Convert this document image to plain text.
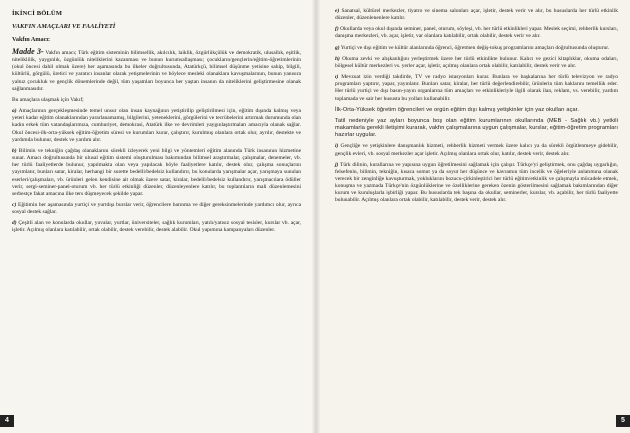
İKİNCİ BÖLÜM
VAKFIN AMAÇLARI VE FAALİYETİ
Vakfın Amacı:

Madde 3- Vakfın amacı; Türk eğitim sisteminin bilimsellik, akılcılık, laiklik, özgürlükçülük ve demokratik, ulusallık, eşitlik, niteliklilik, yaygınlık, özgünlük niteliklerini kazanması ve bunun kurumsallaşması; çocukların/gençlerin/eğitim-öğretimlerinin (okul öncesi dahil olmak üzere) her aşamasında bu ilkeler doğrultusunda, Atatürkçü, bilimsel düşünme yetisine sahip, bilgili, kültürlü, görgülü, üretici ve yaratıcı insanlar olarak yetişmelerinin ve böylece mesleki olanaklara kavuşmalarının, bunun yanısıra yalnız çocukluk ve gençlik dönemlerinde değil, tüm yaşamları boyunca her yaştan insanın da niteliklerini geliştirmesine olanak sağlanmasıdır.

Bu amaçlara ulaşmak için Vakıf;

a) Amaçlarının gerçekleşmesinde temel unsur olan insan kaynağının yetiştirilip geliştirilmesi için, eğitim dışında kalmış veya yeteri kadar eğitim olanaklarından yararlanamamış, bilgilerini, yeteneklerini, görgülerini ve tecrübelerini artırmak durumunda olan kadın erkek tüm vatandaşlarımıza, cumhuriyet, demokrasi, Atatürk ilke ve devrimleri yaygınlaştırmaları amacıyla olanak sağlar. Okul öncesi-ilk-orta-yüksek eğitim-öğretim süresi ve kurumları kurar, çalıştırır, kurulmuş olanlara ortak olur, ayrılır, destekte ve yardımda bulunur, destek ve yardım alır.

b) Bilimin ve tekniğin çağdaş olanaklarını sürekli izleyerek yeni bilgi ve yöntemleri eğitim alanında Türk insanının hizmetine sunar. Amacı doğrultusunda bir ulusal eğitim sistemi oluşturulması bakımından bilimsel araştırmalar, çalışmalar, denemeler, vb. her türlü faaliyetlerde bulunur, yapılmakta olan veya yapılacak böyle faaliyetlere katılır, destek olur, çalışma sonuçlarını yayımlatır, bunları satar, kiralar, herhangi bir surette bedelli/bedelsiz kullandırır, bu konularda yarışmalar açar, yarışmaya sunulan eserleri/çalışmaları, vb. ürünleri gelen kendisine ait olmak üzere satar, kiralar, bedelli/bedelsiz kullandırır, yarışmacılara ödüller verir, sergi-seminer-panel-oturum vb. her türlü etkinliği düzenler, düzenleyenlere katılır, bu toplantıların mali düzenlemesini serbestçe fakat amacına ilke ters düşmeyecek şekilde yapar.

c) Eğitimin her aşamasında yurtiçi ve yurtdışı burslar verir, öğrencilere barınma ve diğer gereksinmelerinde yardımcı olur, ayrıca sosyal destek sağlar.

d) Çeşitli alan ve konularda okullar, yuvalar, yurtlar, üniversiteler, sağlık kurumları, yatılı/yatısız sosyal tesisler, kurslar vb. açar, işletir. Açılmış olanlara katılabilir, ortak olabilir, destek verebilir, destek alabilir. Okul yapımına kampanyaları düzenler.

4

e) Sanatsal, kültürel merkezler, tiyatro ve sinema salonları açar, işletir, destek verir ve alır, bu hususlarda her türlü etkinlik düzenler, düzenlenenlere katılır.

f) Okullarda veya okul dışında seminer, panel, oturum, söyleşi, vb. her türlü etkinlikleri yapar. Meslek seçimi, rehberlik kursları, danışma merkezleri, vb. açar, işletir, var olanlara katılabilir, ortak olabilir, destek verir ve alır.

g) Yurtiçi ve dışı eğitim ve kültür alanlarında öğrenci, öğretmen değiş-tokuş programlarını amaçları doğrultusunda oluşturur.

h) Okuma zevki ve alışkanlığını yerleştirmek üzere her türlü etkinlikte bulunur. Kalıcı ve gezici kitaplıklar, okuma odaları, bölgesel kültür merkezleri vs. yerler açar, işletir, açılmış olanlara ortak olabilir, katılabilir, destek verir ve alır.

ı) Mevzuat izin verdiği takdirde, TV ve radyo istasyonları kurar. Bunlara ve başkalarına her türlü televizyon ve radyo programları yaptırır, yapar, yayınlatır. Bunları satar, kiralar, her türlü değerlendirebilir, ürünlerin tüm haklarını temellük eder. Her türlü yurtiçi ve dışı basın-yayın organlarına tüm amaçları ve etkinlikleriyle ilgili olarak ilan, reklam, vs. verebilir, yardım toplamada ve sair her hususta bu yolları kullanabilir.

İlk-Orta-Yüksek öğretim öğrencileri ve orgün eğitim dışı kalmış yetişkinler için yaz okulları açar.

Tatil nedeniyle yaz ayları boyunca boş olan eğitim kurumlarının okullarında (MEB - Sağlık vb.) yetkili makamlarla gerekli iletişimi kurarak, vakfın çalışmalarına uygun çalışmalar, kurslar, eğitim-öğretim programları hazırlar uygular.

i) Gençliğe ve yetişkinlere danışmanlık hizmeti, rehberlik hizmeti vermek üzere kalıcı ya da sürekli örgütlenmeye gidebilir, gençlik evleri, vb. sosyal merkezler açar işletir. Açılmış olanlara ortak olur, katılır, destek verir, destek alır.

j) Türk dilinin, kurallarına ve yapısına uygun öğretilmesini sağlamak için çalışır. Türkçe'yi geliştirmek, onu çağdaş uygarlığın, felsefenin, bilimin, tekniğin, kısaca somut ya da soyut her düşünce ve kavramın tüm incelik ve öğeleriyle anlatımına olanak verecek bir zenginliğe kavuşturmak, yokluklarını bozucu-çirkinleştirici her türlü eğitim/etkinlik ve çalışmayla mücadele etmek, konuşma ve yazmada Türkçe'nin özgünlüklerine ve özelliklerine gereken özenin gösterilmesini sağlamak bakımlarından diğer kurum ve kuruluşlarla işbirliği yapar. Bu hususlarda tek başına da okullar, seminerler, kurslar, vb. açabilir, her türlü faaliyette bulunabilir. Açılmış olanlara ortak olabilir, katılabilir, destek verir, destek alır.

5
